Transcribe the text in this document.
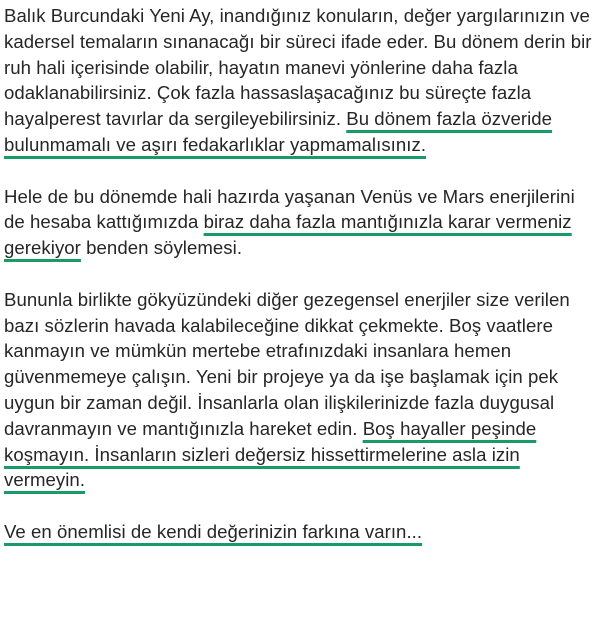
Balık Burcundaki Yeni Ay, inandığınız konuların, değer yargılarınızın ve kadersel temaların sınanacağı bir süreci ifade eder. Bu dönem derin bir ruh hali içerisinde olabilir, hayatın manevi yönlerine daha fazla odaklanabilirsiniz. Çok fazla hassaslaşacağınız bu süreçte fazla hayalperest tavırlar da sergileyebilirsiniz. Bu dönem fazla özveride bulunmamalı ve aşırı fedakarlıklar yapmamalısınız.

Hele de bu dönemde hali hazırda yaşanan Venüs ve Mars enerjilerini de hesaba kattığımızda biraz daha fazla mantığınızla karar vermeniz gerekiyor benden söylemesi.

Bununla birlikte gökyüzündeki diğer gezegensel enerjiler size verilen bazı sözlerin havada kalabileceğine dikkat çekmekte. Boş vaatlere kanmayın ve mümkün mertebe etrafınızdaki insanlara hemen güvenmemeye çalışın. Yeni bir projeye ya da işe başlamak için pek uygun bir zaman değil. İnsanlarla olan ilişkilerinizde fazla duygusal davranmayın ve mantığınızla hareket edin. Boş hayaller peşinde koşmayın. İnsanların sizleri değersiz hissettirmelerine asla izin vermeyin.

Ve en önemlisi de kendi değerinizin farkına varın...
